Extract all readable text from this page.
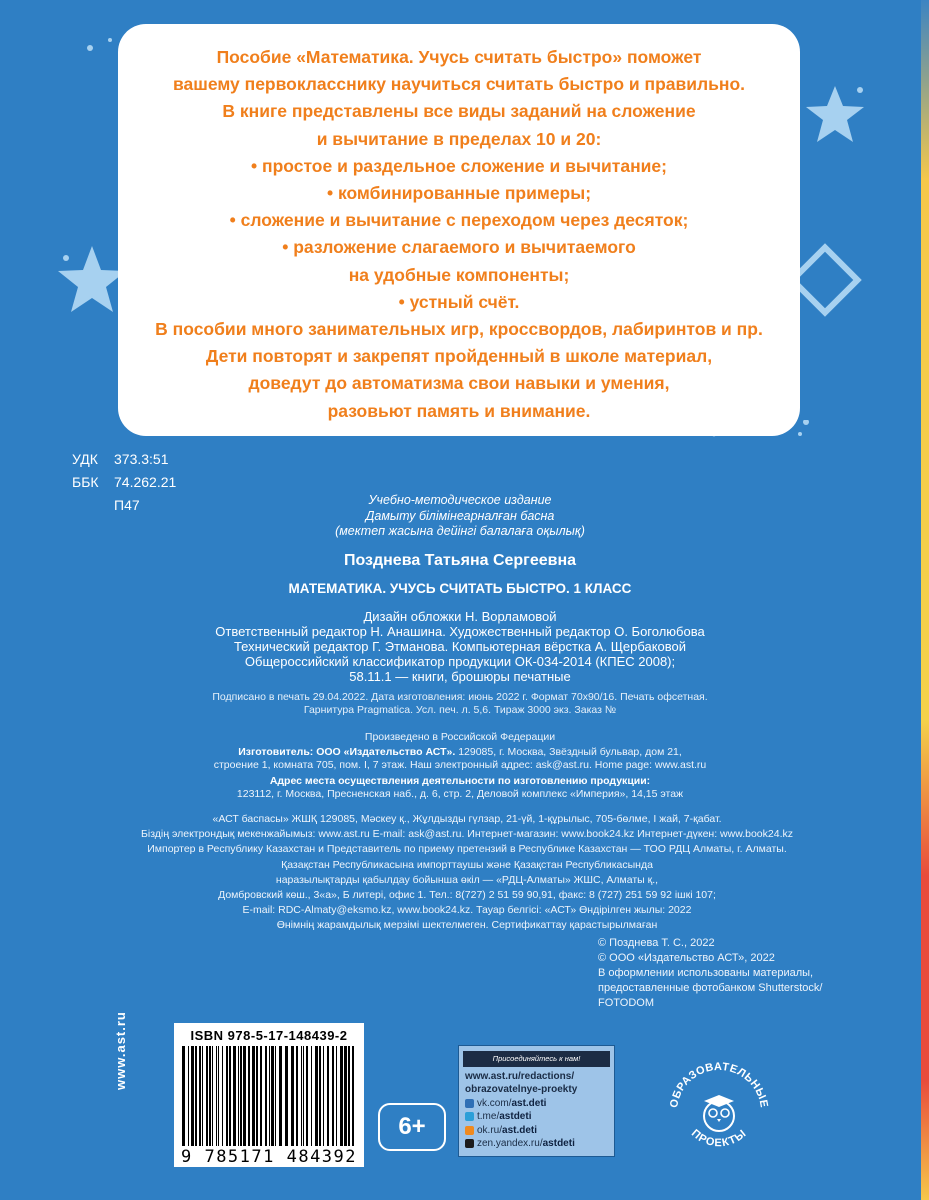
Пособие «Математика. Учусь считать быстро» поможет
вашему первокласснику научиться считать быстро и правильно.
В книге представлены все виды заданий на сложение
и вычитание в пределах 10 и 20:
• простое и раздельное сложение и вычитание;
• комбинированные примеры;
• сложение и вычитание с переходом через десяток;
• разложение слагаемого и вычитаемого
на удобные компоненты;
• устный счёт.
В пособии много занимательных игр, кроссвордов, лабиринтов и пр.
Дети повторят и закрепят пройденный в школе материал,
доведут до автоматизма свои навыки и умения,
разовьют память и внимание.
УДК	373.3:51
ББК	74.262.21
П47	Учебно-методическое издание
Дамыту білімінеарналған басна
(мектеп жасына дейінгі балалаға оқылық)
Позднева Татьяна Сергеевна
МАТЕМАТИКА. УЧУСЬ СЧИТАТЬ БЫСТРО. 1 КЛАСС
Дизайн обложки Н. Ворламовой
Ответственный редактор Н. Анашина. Художественный редактор О. Боголюбова
Технический редактор Г. Этманова. Компьютерная вёрстка А. Щербаковой
Общероссийский классификатор продукции ОК-034-2014 (КПЕС 2008);
58.11.1 — книги, брошюры печатные
Подписано в печать 29.04.2022. Дата изготовления: июнь 2022 г. Формат 70x90/16. Печать офсетная.
Гарнитура Pragmatica. Усл. печ. л. 5,6. Тираж 3000 экз. Заказ №
Произведено в Российской Федерации
Изготовитель: ООО «Издательство АСТ». 129085, г. Москва, Звёздный бульвар, дом 21,
строение 1, комната 705, пом. I, 7 этаж. Наш электронный адрес: ask@ast.ru. Home page: www.ast.ru
Адрес места осуществления деятельности по изготовлению продукции:
123112, г. Москва, Пресненская наб., д. 6, стр. 2, Деловой комплекс «Империя», 14,15 этаж
«АСТ баспасы» ЖШҚ 129085, Мәскеу қ., Жұлдызды гүлзар, 21-үй, 1-құрылыс, 705-бөлме, I жай, 7-қабат.
Біздің электрондық мекенжайымыз: www.ast.ru E-mail: ask@ast.ru. Интернет-магазин: www.book24.kz Интернет-дүкен: www.book24.kz
Импортер в Республику Казахстан и Представитель по приему претензий в Республике Казахстан — ТОО РДЦ Алматы, г. Алматы.
Қазақстан Республикасына импорттаушы және Қазақстан Республикасында
наразылықтарды қабылдау бойынша өкіл — «РДЦ-Алматы» ЖШС, Алматы қ.,
Домбровский көш., 3«а», Б литері, офис 1. Тел.: 8(727) 2 51 59 90,91, факс: 8 (727) 251 59 92 ішкі 107;
E-mail: RDC-Almaty@eksmo.kz, www.book24.kz. Тауар белгісі: «АСТ» Өндірілген жылы: 2022
Өнімнің жарамдылық мерзімі шектелмеген. Сертификаттау қарастырылмаған
© Позднева Т. С., 2022
© ООО «Издательство АСТ», 2022
В оформлении использованы материалы,
предоставленные фотобанком Shutterstock/
FOTODOM
www.ast.ru	ISBN 978-5-17-148439-2
9 785171 484392
6+
Присоединяйтесь к нам!
www.ast.ru/redactions/
obrazovatelnye-proekty
vk.com/ ast.deti
t.me/ astdeti
ok.ru/ ast.deti
zen.yandex.ru/ astdeti
ОБРАЗОВАТЕЛЬНЫЕ
ПРОЕКТЫ
